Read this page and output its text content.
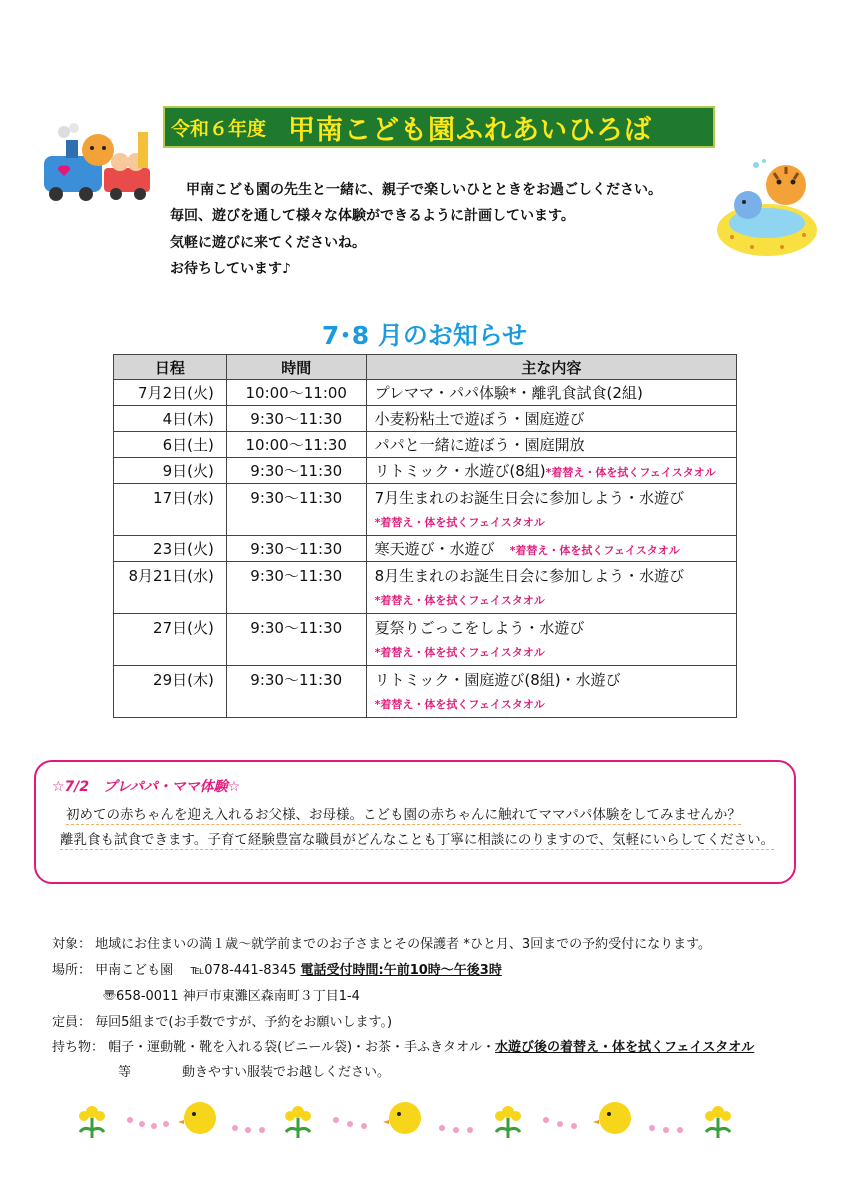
令和６年度 甲南こども園ふれあいひろば
甲南こども園の先生と一緒に、親子で楽しいひとときをお過ごしください。
毎回、遊びを通して様々な体験ができるように計画しています。
気軽に遊びに来てくださいね。
お待ちしています♪
7･8 月のお知らせ
日程	時間	主な内容
7月2日(火)	10:00～11:00	プレママ・パパ体験*・離乳食試食(2組)
4日(木)	9:30～11:30	小麦粉粘土で遊ぼう・園庭遊び
6日(土)	10:00～11:30	パパと一緒に遊ぼう・園庭開放
9日(火)	9:30～11:30	リトミック・水遊び(8組)*着替え・体を拭くフェイスタオル
17日(水)	9:30～11:30	7月生まれのお誕生日会に参加しよう・水遊び
*着替え・体を拭くフェイスタオル

23日(火)	9:30～11:30	寒天遊び・水遊び　 *着替え・体を拭くフェイスタオル
8月21日(水)	9:30～11:30	8月生まれのお誕生日会に参加しよう・水遊び
*着替え・体を拭くフェイスタオル

27日(火)	9:30～11:30	夏祭りごっこをしよう・水遊び
*着替え・体を拭くフェイスタオル

29日(木)	9:30～11:30	リトミック・園庭遊び(8組)・水遊び
*着替え・体を拭くフェイスタオル
☆7/2　プレパパ・ママ体験☆
初めての赤ちゃんを迎え入れるお父様、お母様。こども園の赤ちゃんに触れてママパパ体験をしてみませんか？
離乳食も試食できます。子育て経験豊富な職員がどんなことも丁寧に相談にのりますので、気軽にいらしてください。
対象： 地域にお住まいの満１歳～就学前までのお子さまとその保護者 *ひと月、3回までの予約受付になります。
場所： 甲南こども園　 ℡078-441-8345 電話受付時間:午前10時～午後3時
〠658-0011 神戸市東灘区森南町３丁目1-4
定員： 毎回5組まで(お手数ですが、予約をお願いします。)
持ち物： 帽子・運動靴・靴を入れる袋(ビニール袋)・お茶・手ふきタオル・水遊び後の着替え・体を拭くフェイスタオル
等	動きやすい服装でお越しください。
